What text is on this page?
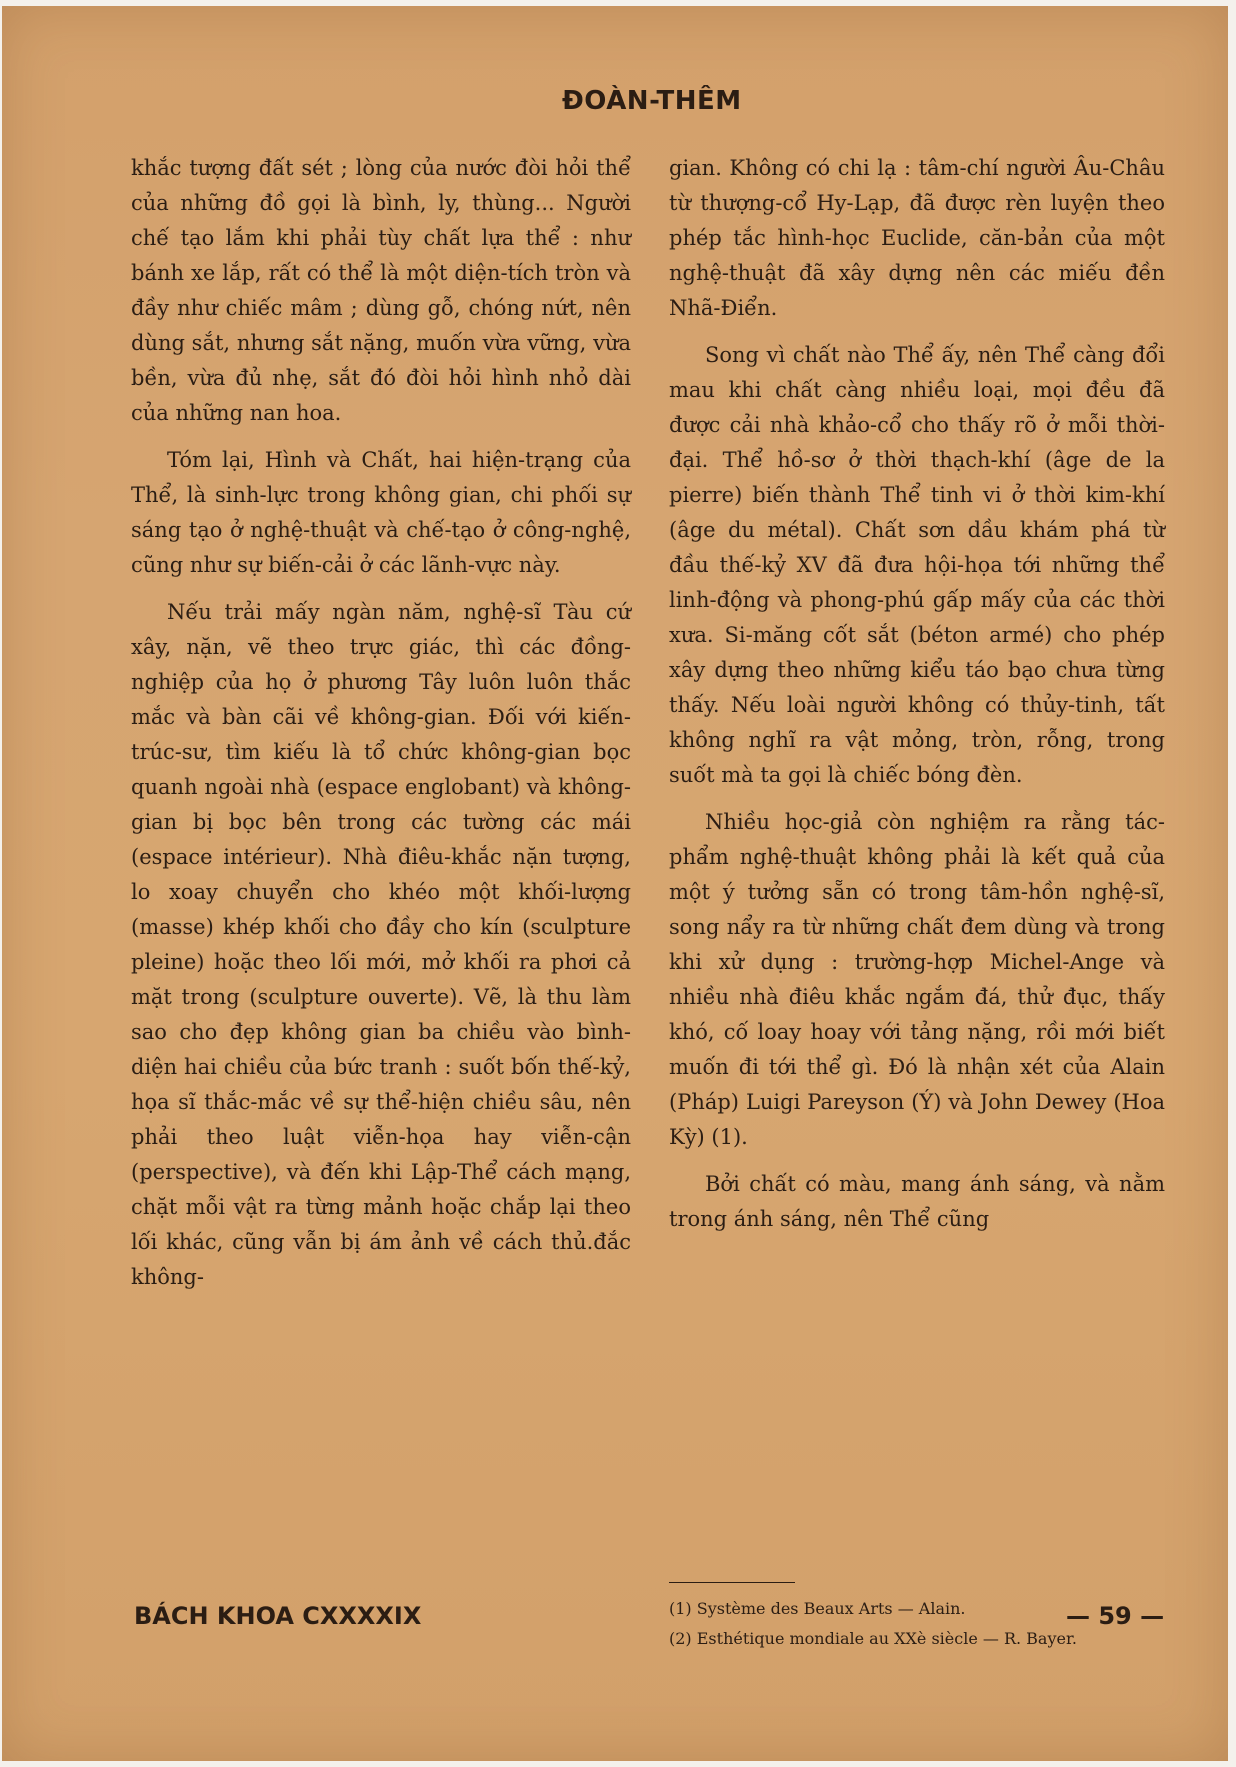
ĐOÀN-THÊM

khắc tượng đất sét ; lòng của nước đòi hỏi thể của những đồ gọi là bình, ly, thùng... Người chế tạo lắm khi phải tùy chất lựa thể : như bánh xe lắp, rất có thể là một diện-tích tròn và đầy như chiếc mâm ; dùng gỗ, chóng nứt, nên dùng sắt, nhưng sắt nặng, muốn vừa vững, vừa bền, vừa đủ nhẹ, sắt đó đòi hỏi hình nhỏ dài của những nan hoa.

Tóm lại, Hình và Chất, hai hiện-trạng của Thể, là sinh-lực trong không gian, chi phối sự sáng tạo ở nghệ-thuật và chế-tạo ở công-nghệ, cũng như sự biến-cải ở các lãnh-vực này.

Nếu trải mấy ngàn năm, nghệ-sĩ Tàu cứ xây, nặn, vẽ theo trực giác, thì các đồng-nghiệp của họ ở phương Tây luôn luôn thắc mắc và bàn cãi về không-gian. Đối với kiến-trúc-sư, tìm kiếu là tổ chức không-gian bọc quanh ngoài nhà (espace englobant) và không-gian bị bọc bên trong các tường các mái (espace intérieur). Nhà điêu-khắc nặn tượng, lo xoay chuyển cho khéo một khối-lượng (masse) khép khối cho đầy cho kín (sculpture pleine) hoặc theo lối mới, mở khối ra phơi cả mặt trong (sculpture ouverte). Vẽ, là thu làm sao cho đẹp không gian ba chiều vào bình-diện hai chiều của bức tranh : suốt bốn thế-kỷ, họa sĩ thắc-mắc về sự thể-hiện chiều sâu, nên phải theo luật viễn-họa hay viễn-cận (perspective), và đến khi Lập-Thể cách mạng, chặt mỗi vật ra từng mảnh hoặc chắp lại theo lối khác, cũng vẫn bị ám ảnh về cách thủ.đắc không-

gian. Không có chi lạ : tâm-chí người Âu-Châu từ thượng-cổ Hy-Lạp, đã được rèn luyện theo phép tắc hình-học Euclide, căn-bản của một nghệ-thuật đã xây dựng nên các miếu đền Nhã-Điển.

Song vì chất nào Thể ấy, nên Thể càng đổi mau khi chất càng nhiều loại, mọi đều đã được cải nhà khảo-cổ cho thấy rõ ở mỗi thời-đại. Thể hồ-sơ ở thời thạch-khí (âge de la pierre) biến thành Thể tinh vi ở thời kim-khí (âge du métal). Chất sơn dầu khám phá từ đầu thế-kỷ XV đã đưa hội-họa tới những thể linh-động và phong-phú gấp mấy của các thời xưa. Si-măng cốt sắt (béton armé) cho phép xây dựng theo những kiểu táo bạo chưa từng thấy. Nếu loài người không có thủy-tinh, tất không nghĩ ra vật mỏng, tròn, rỗng, trong suốt mà ta gọi là chiếc bóng đèn.

Nhiều học-giả còn nghiệm ra rằng tác-phẩm nghệ-thuật không phải là kết quả của một ý tưởng sẵn có trong tâm-hồn nghệ-sĩ, song nẩy ra từ những chất đem dùng và trong khi xử dụng : trường-hợp Michel-Ange và nhiều nhà điêu khắc ngắm đá, thử đục, thấy khó, cố loay hoay với tảng nặng, rồi mới biết muốn đi tới thể gì. Đó là nhận xét của Alain (Pháp) Luigi Pareyson (Ý) và John Dewey (Hoa Kỳ) (1).

Bởi chất có màu, mang ánh sáng, và nằm trong ánh sáng, nên Thể cũng

(1) Système des Beaux Arts — Alain.
(2) Esthétique mondiale au XXè siècle — R. Bayer.
BÁCH KHOA CXXXXIX	— 59 —
